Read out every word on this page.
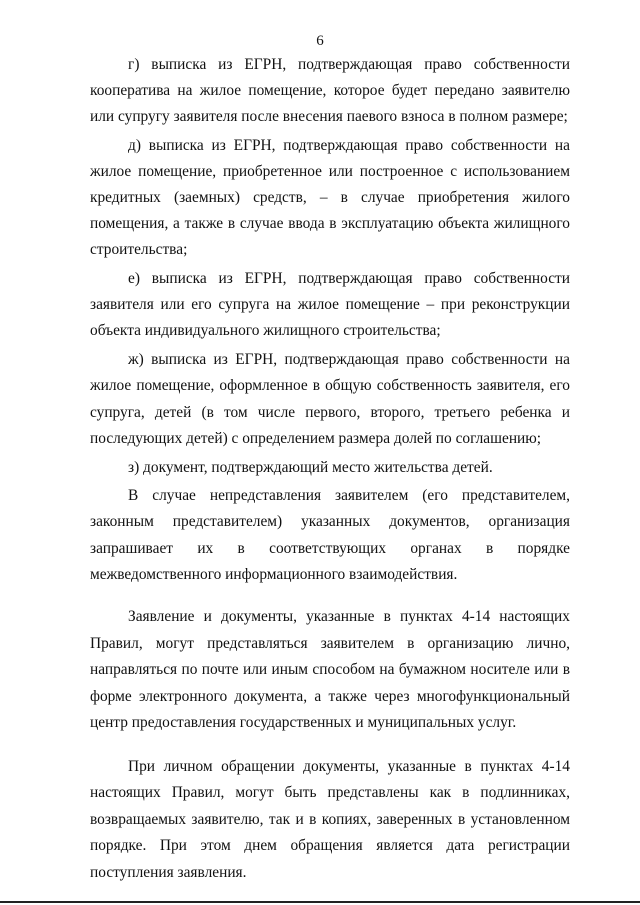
6

г) выписка из ЕГРН, подтверждающая право собственности кооператива на жилое помещение, которое будет передано заявителю или супругу заявителя после внесения паевого взноса в полном размере;

д) выписка из ЕГРН, подтверждающая право собственности на жилое помещение, приобретенное или построенное с использованием кредитных (заемных) средств, – в случае приобретения жилого помещения, а также в случае ввода в эксплуатацию объекта жилищного строительства;

е) выписка из ЕГРН, подтверждающая право собственности заявителя или его супруга на жилое помещение – при реконструкции объекта индивидуального жилищного строительства;

ж) выписка из ЕГРН, подтверждающая право собственности на жилое помещение, оформленное в общую собственность заявителя, его супруга, детей (в том числе первого, второго, третьего ребенка и последующих детей) с определением размера долей по соглашению;

з) документ, подтверждающий место жительства детей.

В случае непредставления заявителем (его представителем, законным представителем) указанных документов, организация запрашивает их в соответствующих органах в порядке межведомственного информационного взаимодействия.

Заявление и документы, указанные в пунктах 4-14 настоящих Правил, могут представляться заявителем в организацию лично, направляться по почте или иным способом на бумажном носителе или в форме электронного документа, а также через многофункциональный центр предоставления государственных и муниципальных услуг.

При личном обращении документы, указанные в пунктах 4-14 настоящих Правил, могут быть представлены как в подлинниках, возвращаемых заявителю, так и в копиях, заверенных в установленном порядке. При этом днем обращения является дата регистрации поступления заявления.
